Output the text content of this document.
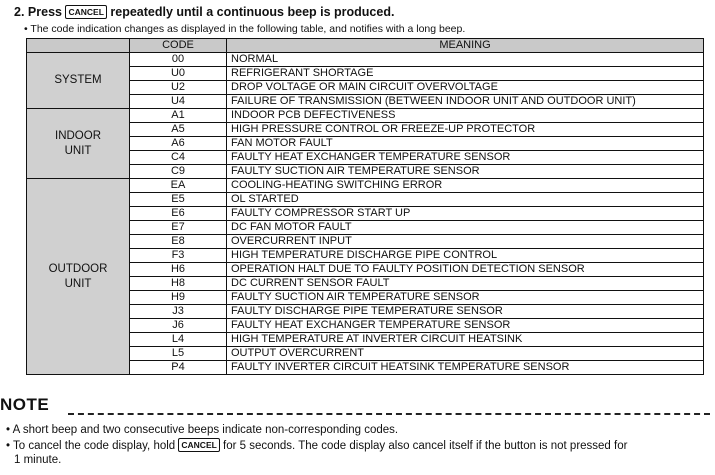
2. Press CANCEL repeatedly until a continuous beep is produced.
• The code indication changes as displayed in the following table, and notifies with a long beep.
	CODE	MEANING

SYSTEM	00	NORMAL
	U0	REFRIGERANT SHORTAGE
	U2	DROP VOLTAGE OR MAIN CIRCUIT OVERVOLTAGE
	U4	FAILURE OF TRANSMISSION (BETWEEN INDOOR UNIT AND OUTDOOR UNIT)

INDOOR
UNIT	A1	INDOOR PCB DEFECTIVENESS
	A5	HIGH PRESSURE CONTROL OR FREEZE-UP PROTECTOR
	A6	FAN MOTOR FAULT
	C4	FAULTY HEAT EXCHANGER TEMPERATURE SENSOR
	C9	FAULTY SUCTION AIR TEMPERATURE SENSOR

OUTDOOR
UNIT	EA	COOLING-HEATING SWITCHING ERROR
	E5	OL STARTED
	E6	FAULTY COMPRESSOR START UP
	E7	DC FAN MOTOR FAULT
	E8	OVERCURRENT INPUT
	F3	HIGH TEMPERATURE DISCHARGE PIPE CONTROL
	H6	OPERATION HALT DUE TO FAULTY POSITION DETECTION SENSOR
	H8	DC CURRENT SENSOR FAULT
	H9	FAULTY SUCTION AIR TEMPERATURE SENSOR
	J3	FAULTY DISCHARGE PIPE TEMPERATURE SENSOR
	J6	FAULTY HEAT EXCHANGER TEMPERATURE SENSOR
	L4	HIGH TEMPERATURE AT INVERTER CIRCUIT HEATSINK
	L5	OUTPUT OVERCURRENT
	P4	FAULTY INVERTER CIRCUIT HEATSINK TEMPERATURE SENSOR
NOTE
• A short beep and two consecutive beeps indicate non-corresponding codes.
• To cancel the code display, hold CANCEL for 5 seconds. The code display also cancel itself if the button is not pressed for
1 minute.
